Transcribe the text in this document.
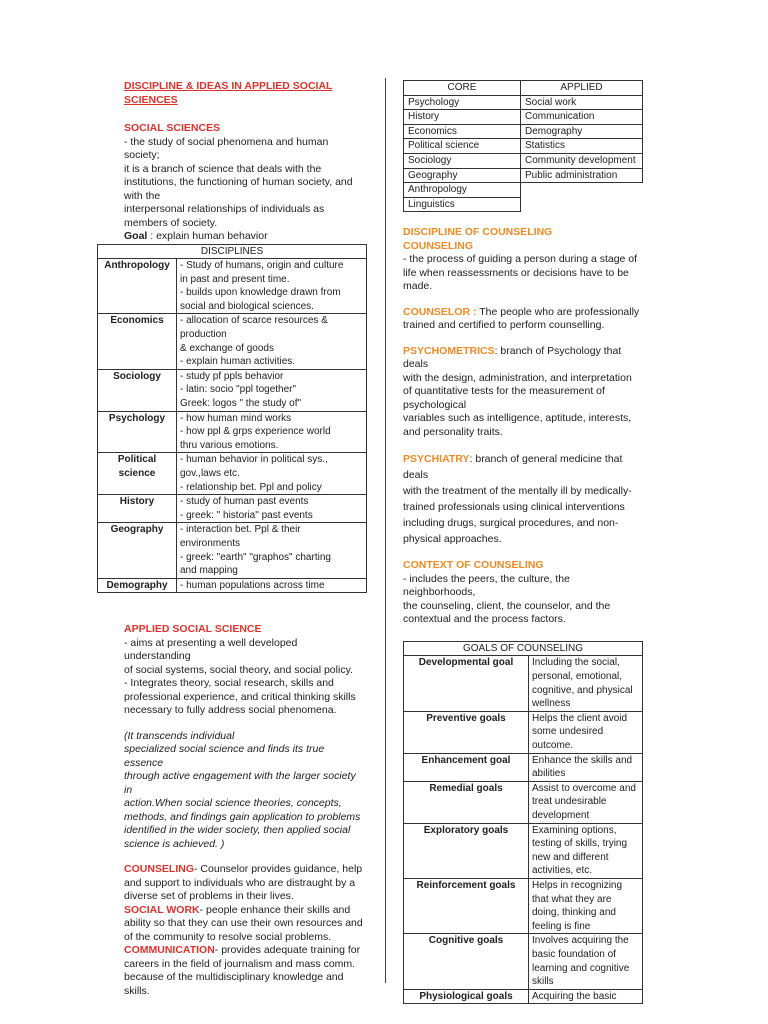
DISCIPLINE & IDEAS IN APPLIED SOCIAL SCIENCES
SOCIAL SCIENCES
- the study of social phenomena and human society;
it is a branch of science that deals with the
institutions, the functioning of human society, and
with the
interpersonal relationships of individuals as
members of society.
Goal : explain human behavior
DISCIPLINES	
Anthropology	- Study of humans, origin and culture
in past and present time.
- builds upon knowledge drawn from
social and biological sciences.

Economics	- allocation of scarce resources &
production
& exchange of goods
- explain human activities.

Sociology	- study pf ppls behavior
- latin: socio "ppl together"
Greek: logos " the study of"

Psychology	- how human mind works
- how ppl & grps experience world
thru various emotions.

Political science	- human behavior in political sys.,
gov.,laws etc.
- relationship bet. Ppl and policy

History	- study of human past events
- greek: " historia" past events

Geography	- interaction bet. Ppl & their
environments
- greek: "earth" "graphos" charting
and mapping

Demography	- human populations across time
APPLIED SOCIAL SCIENCE
- aims at presenting a well developed understanding
of social systems, social theory, and social policy.
- Integrates theory, social research, skills and
professional experience, and critical thinking skills
necessary to fully address social phenomena.
(It transcends individual
specialized social science and finds its true essence
through active engagement with the larger society in
action.When social science theories, concepts,
methods, and findings gain application to problems
identified in the wider society, then applied social
science is achieved. )
COUNSELING- Counselor provides guidance, help
and support to individuals who are distraught by a
diverse set of problems in their lives.
SOCIAL WORK- people enhance their skills and
ability so that they can use their own resources and
of the community to resolve social problems.
COMMUNICATION- provides adequate training for
careers in the field of journalism and mass comm.
because of the multidisciplinary knowledge and
skills.
CORE	APPLIED
Psychology	Social work
History	Communication
Economics	Demography
Political science	Statistics
Sociology	Community development
Geography	Public administration
Anthropology	
Linguistics	
DISCIPLINE OF COUNSELING
COUNSELING
- the process of guiding a person during a stage of
life when reassessments or decisions have to be
made.
COUNSELOR : The people who are professionally
trained and certified to perform counselling.
PSYCHOMETRICS: branch of Psychology that deals
with the design, administration, and interpretation
of quantitative tests for the measurement of
psychological
variables such as intelligence, aptitude, interests,
and personality traits.
PSYCHIATRY: branch of general medicine that deals
with the treatment of the mentally ill by medically-
trained professionals using clinical interventions
including drugs, surgical procedures, and non-
physical approaches.
CONTEXT OF COUNSELING
- includes the peers, the culture, the neighborhoods,
the counseling, client, the counselor, and the
contextual and the process factors.
GOALS OF COUNSELING	
Developmental goal	Including the social,
personal, emotional,
cognitive, and physical
wellness

Preventive goals	Helps the client avoid
some undesired
outcome.

Enhancement goal	Enhance the skills and
abilities

Remedial goals	Assist to overcome and
treat undesirable
development

Exploratory goals	Examining options,
testing of skills, trying
new and different
activities, etc.

Reinforcement goals	Helps in recognizing
that what they are
doing, thinking and
feeling is fine

Cognitive goals	Involves acquiring the
basic foundation of
learning and cognitive
skills

Physiological goals	Acquiring the basic
